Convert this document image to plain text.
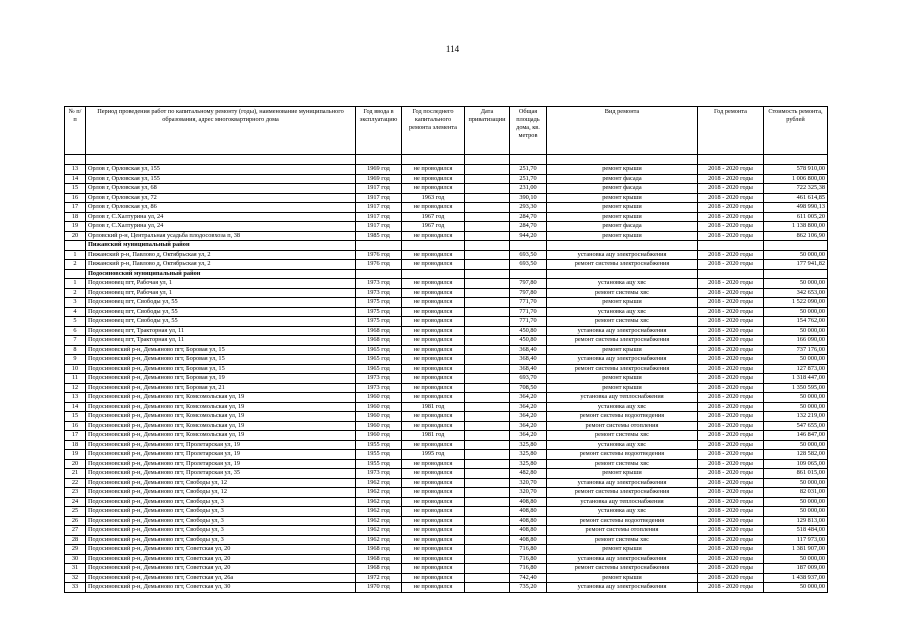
114
№ п/п	Период проведения работ по капитальному ремонту (годы), наименование муниципального образования, адрес многоквартирного дома	Год ввода в эксплуатацию	Год последнего капитального ремонта элемента	Дата приватизации	Общая площадь дома, кв. метров	Вид ремонта	Год ремонта	Стоимость ремонта, рублей

13	Орлов г, Орловская ул, 155	1969 год	не проводился		251,70	ремонт крыши	2018 - 2020 годы	578 910,00
14	Орлов г, Орловская ул, 155	1969 год	не проводился		251,70	ремонт фасада	2018 - 2020 годы	1 006 800,00
15	Орлов г, Орловская ул, 68	1917 год	не проводился		231,00	ремонт фасада	2018 - 2020 годы	722 325,38
16	Орлов г, Орловская ул, 72	1917 год	1963 год		390,10	ремонт крыши	2018 - 2020 годы	461 614,85
17	Орлов г, Орловская ул, 86	1917 год	не проводился		293,30	ремонт крыши	2018 - 2020 годы	498 990,13
18	Орлов г, С.Халтурина ул, 24	1917 год	1967 год		284,70	ремонт крыши	2018 - 2020 годы	611 005,20
19	Орлов г, С.Халтурина ул, 24	1917 год	1967 год		284,70	ремонт фасада	2018 - 2020 годы	1 138 800,00
20	Орловский р-н, Центральная усадьба плодосовхоза п, 38	1985 год	не проводился		944,20	ремонт крыши	2018 - 2020 годы	862 106,90
	Пижанский муниципальный район							
1	Пижанский р-н, Павлово д, Октябрьская ул, 2	1976 год	не проводился		693,50	установка ацу электроснабжения	2018 - 2020 годы	50 000,00
2	Пижанский р-н, Павлово д, Октябрьская ул, 2	1976 год	не проводился		693,50	ремонт системы электроснабжения	2018 - 2020 годы	177 941,82
	Подосиновский муниципальный район							
1	Подосиновец пгт, Рабочая ул, 1	1973 год	не проводился		797,80	установка ацу хвс	2018 - 2020 годы	50 000,00
2	Подосиновец пгт, Рабочая ул, 1	1973 год	не проводился		797,80	ремонт системы хвс	2018 - 2020 годы	342 653,00
3	Подосиновец пгт, Свободы ул, 55	1975 год	не проводился		771,70	ремонт крыши	2018 - 2020 годы	1 522 090,00
4	Подосиновец пгт, Свободы ул, 55	1975 год	не проводился		771,70	установка ацу хвс	2018 - 2020 годы	50 000,00
5	Подосиновец пгт, Свободы ул, 55	1975 год	не проводился		771,70	ремонт системы хвс	2018 - 2020 годы	154 762,00
6	Подосиновец пгт, Тракторная ул, 11	1968 год	не проводился		450,80	установка ацу электроснабжения	2018 - 2020 годы	50 000,00
7	Подосиновец пгт, Тракторная ул, 11	1968 год	не проводился		450,80	ремонт системы электроснабжения	2018 - 2020 годы	166 090,00
8	Подосиновский р-н, Демьяново пгт, Боровая ул, 15	1965 год	не проводился		368,40	ремонт крыши	2018 - 2020 годы	737 176,00
9	Подосиновский р-н, Демьяново пгт, Боровая ул, 15	1965 год	не проводился		368,40	установка ацу электроснабжения	2018 - 2020 годы	50 000,00
10	Подосиновский р-н, Демьяново пгт, Боровая ул, 15	1965 год	не проводился		368,40	ремонт системы электроснабжения	2018 - 2020 годы	127 873,00
11	Подосиновский р-н, Демьяново пгт, Боровая ул, 19	1973 год	не проводился		693,70	ремонт крыши	2018 - 2020 годы	1 318 447,00
12	Подосиновский р-н, Демьяново пгт, Боровая ул, 21	1973 год	не проводился		708,50	ремонт крыши	2018 - 2020 годы	1 350 595,00
13	Подосиновский р-н, Демьяново пгт, Комсомольская ул, 19	1960 год	не проводился		364,20	установка ацу теплоснабжения	2018 - 2020 годы	50 000,00
14	Подосиновский р-н, Демьяново пгт, Комсомольская ул, 19	1960 год	1981 год		364,20	установка ацу хвс	2018 - 2020 годы	50 000,00
15	Подосиновский р-н, Демьяново пгт, Комсомольская ул, 19	1960 год	не проводился		364,20	ремонт системы водоотведения	2018 - 2020 годы	132 219,00
16	Подосиновский р-н, Демьяново пгт, Комсомольская ул, 19	1960 год	не проводился		364,20	ремонт системы отопления	2018 - 2020 годы	547 655,00
17	Подосиновский р-н, Демьяново пгт, Комсомольская ул, 19	1960 год	1981 год		364,20	ремонт системы хвс	2018 - 2020 годы	146 847,00
18	Подосиновский р-н, Демьяново пгт, Пролетарская ул, 19	1955 год	не проводился		325,80	установка ацу хвс	2018 - 2020 годы	50 000,00
19	Подосиновский р-н, Демьяново пгт, Пролетарская ул, 19	1955 год	1995 год		325,80	ремонт системы водоотведения	2018 - 2020 годы	128 582,00
20	Подосиновский р-н, Демьяново пгт, Пролетарская ул, 19	1955 год	не проводился		325,80	ремонт системы хвс	2018 - 2020 годы	109 065,00
21	Подосиновский р-н, Демьяново пгт, Пролетарская ул, 35	1973 год	не проводился		482,80	ремонт крыши	2018 - 2020 годы	861 015,00
22	Подосиновский р-н, Демьяново пгт, Свободы ул, 12	1962 год	не проводился		320,70	установка ацу электроснабжения	2018 - 2020 годы	50 000,00
23	Подосиновский р-н, Демьяново пгт, Свободы ул, 12	1962 год	не проводился		320,70	ремонт системы электроснабжения	2018 - 2020 годы	82 031,00
24	Подосиновский р-н, Демьяново пгт, Свободы ул, 3	1962 год	не проводился		408,80	установка ацу теплоснабжения	2018 - 2020 годы	50 000,00
25	Подосиновский р-н, Демьяново пгт, Свободы ул, 3	1962 год	не проводился		408,80	установка ацу хвс	2018 - 2020 годы	50 000,00
26	Подосиновский р-н, Демьяново пгт, Свободы ул, 3	1962 год	не проводился		408,80	ремонт системы водоотведения	2018 - 2020 годы	129 813,00
27	Подосиновский р-н, Демьяново пгт, Свободы ул, 3	1962 год	не проводился		408,80	ремонт системы отопления	2018 - 2020 годы	518 484,00
28	Подосиновский р-н, Демьяново пгт, Свободы ул, 3	1962 год	не проводился		408,80	ремонт системы хвс	2018 - 2020 годы	117 973,00
29	Подосиновский р-н, Демьяново пгт, Советская ул, 20	1968 год	не проводился		716,80	ремонт крыши	2018 - 2020 годы	1 381 907,00
30	Подосиновский р-н, Демьяново пгт, Советская ул, 20	1968 год	не проводился		716,80	установка ацу электроснабжения	2018 - 2020 годы	50 000,00
31	Подосиновский р-н, Демьяново пгт, Советская ул, 20	1968 год	не проводился		716,80	ремонт системы электроснабжения	2018 - 2020 годы	187 009,00
32	Подосиновский р-н, Демьяново пгт, Советская ул, 26а	1972 год	не проводился		742,40	ремонт крыши	2018 - 2020 годы	1 438 937,00
33	Подосиновский р-н, Демьяново пгт, Советская ул, 30	1970 год	не проводился		735,20	установка ацу электроснабжения	2018 - 2020 годы	50 000,00
